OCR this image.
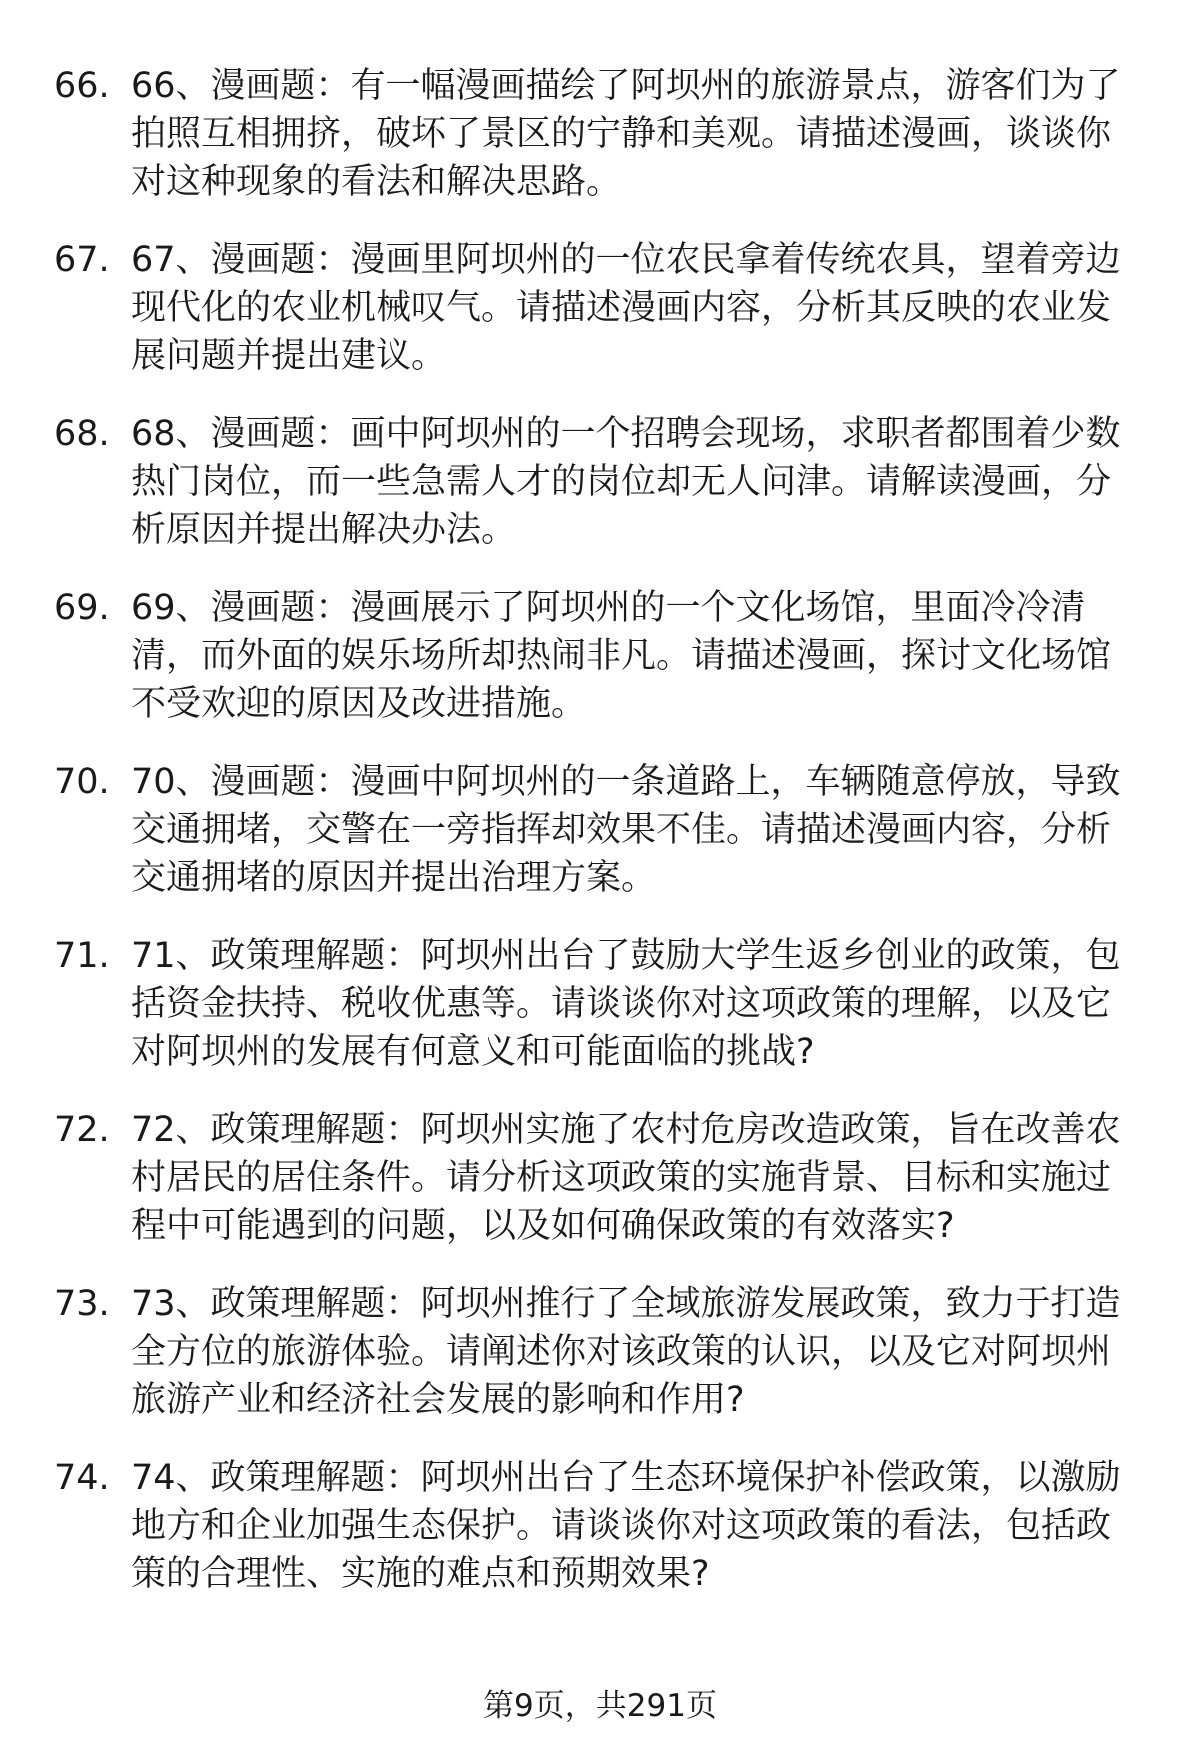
66. 66、漫画题：有一幅漫画描绘了阿坝州的旅游景点，游客们为了拍照互相拥挤，破坏了景区的宁静和美观。请描述漫画，谈谈你对这种现象的看法和解决思路。
67. 67、漫画题：漫画里阿坝州的一位农民拿着传统农具，望着旁边现代化的农业机械叹气。请描述漫画内容，分析其反映的农业发展问题并提出建议。
68. 68、漫画题：画中阿坝州的一个招聘会现场，求职者都围着少数热门岗位，而一些急需人才的岗位却无人问津。请解读漫画，分析原因并提出解决办法。
69. 69、漫画题：漫画展示了阿坝州的一个文化场馆，里面冷冷清清，而外面的娱乐场所却热闹非凡。请描述漫画，探讨文化场馆不受欢迎的原因及改进措施。
70. 70、漫画题：漫画中阿坝州的一条道路上，车辆随意停放，导致交通拥堵，交警在一旁指挥却效果不佳。请描述漫画内容，分析交通拥堵的原因并提出治理方案。
71. 71、政策理解题：阿坝州出台了鼓励大学生返乡创业的政策，包括资金扶持、税收优惠等。请谈谈你对这项政策的理解，以及它对阿坝州的发展有何意义和可能面临的挑战?
72. 72、政策理解题：阿坝州实施了农村危房改造政策，旨在改善农村居民的居住条件。请分析这项政策的实施背景、目标和实施过程中可能遇到的问题，以及如何确保政策的有效落实?
73. 73、政策理解题：阿坝州推行了全域旅游发展政策，致力于打造全方位的旅游体验。请阐述你对该政策的认识，以及它对阿坝州旅游产业和经济社会发展的影响和作用?
74. 74、政策理解题：阿坝州出台了生态环境保护补偿政策，以激励地方和企业加强生态保护。请谈谈你对这项政策的看法，包括政策的合理性、实施的难点和预期效果?
第9页，共291页
